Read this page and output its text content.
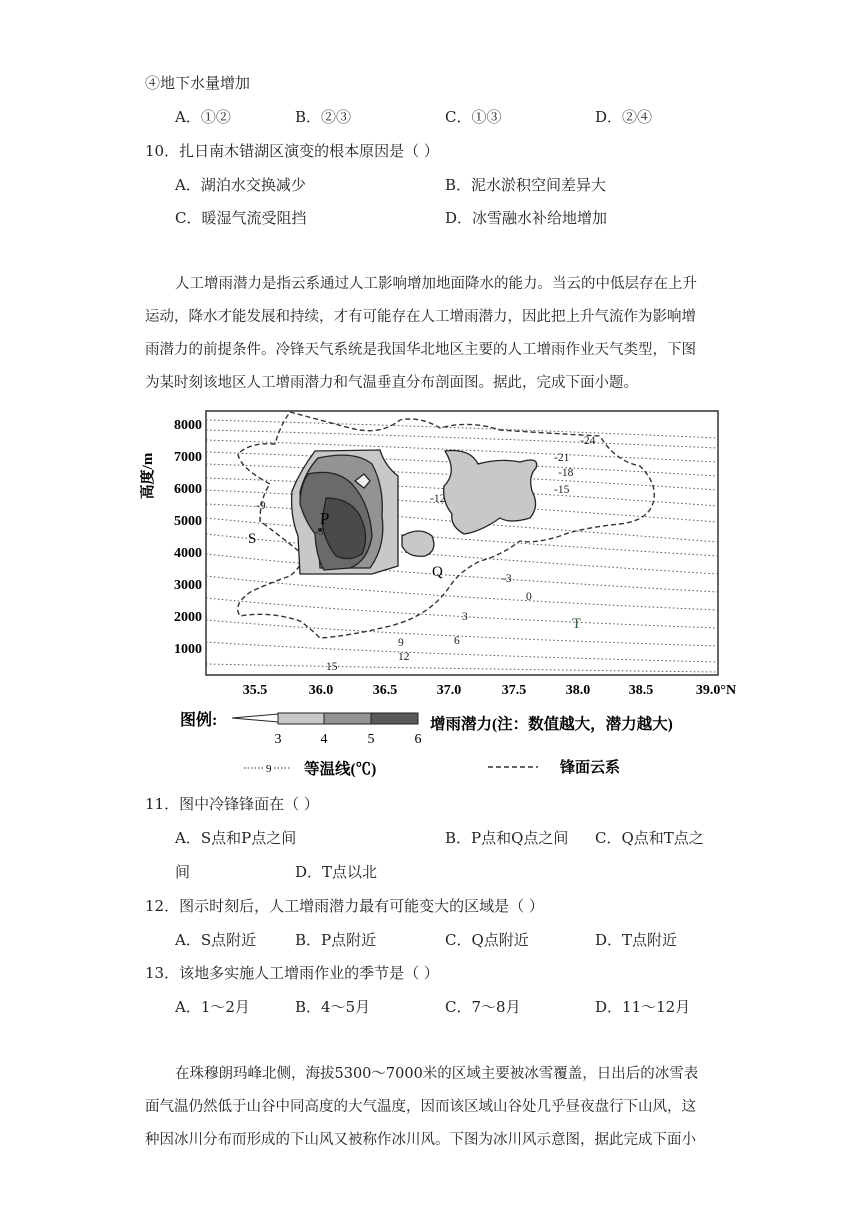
④地下水量增加
A．①②	B．②③	C．①③	D．②④
10．扎日南木错湖区演变的根本原因是（ ）
A．湖泊水交换减少	B．泥水淤积空间差异大
C．暖湿气流受阻挡	D．冰雪融水补给地增加

人工增雨潜力是指云系通过人工影响增加地面降水的能力。当云的中低层存在上升

运动，降水才能发展和持续，才有可能存在人工增雨潜力，因此把上升气流作为影响增

雨潜力的前提条件。冷锋天气系统是我国华北地区主要的人工增雨作业天气类型，下图

为某时刻该地区人工增雨潜力和气温垂直分布剖面图。据此，完成下面小题。

高度/m
8000
7000
6000
5000
4000
3000
2000
1000
S
P
Q
T
-24
-21
-18
-15
-12
-9
-3
0
3
6
9
12
15
-3
35.5	36.0	36.5	37.0	37.5	38.0	38.5	39.0°N
图例:
3	4	5	6
增雨潜力(注：数值越大，潜力越大)
9 等温线(℃)	锋面云系
11．图中冷锋锋面在（ ）
A．S点和P点之间	B．P点和Q点之间 C．Q点和T点之
间	D．T点以北
12．图示时刻后，人工增雨潜力最有可能变大的区域是（ ）
A．S点附近	B．P点附近	C．Q点附近	D．T点附近
13．该地多实施人工增雨作业的季节是（ ）
A．1～2月	B．4～5月	C．7～8月	D．11～12月

在珠穆朗玛峰北侧，海拔5300～7000米的区域主要被冰雪覆盖，日出后的冰雪表

面气温仍然低于山谷中同高度的大气温度，因而该区域山谷处几乎昼夜盘行下山风，这

种因冰川分布而形成的下山风又被称作冰川风。下图为冰川风示意图，据此完成下面小
